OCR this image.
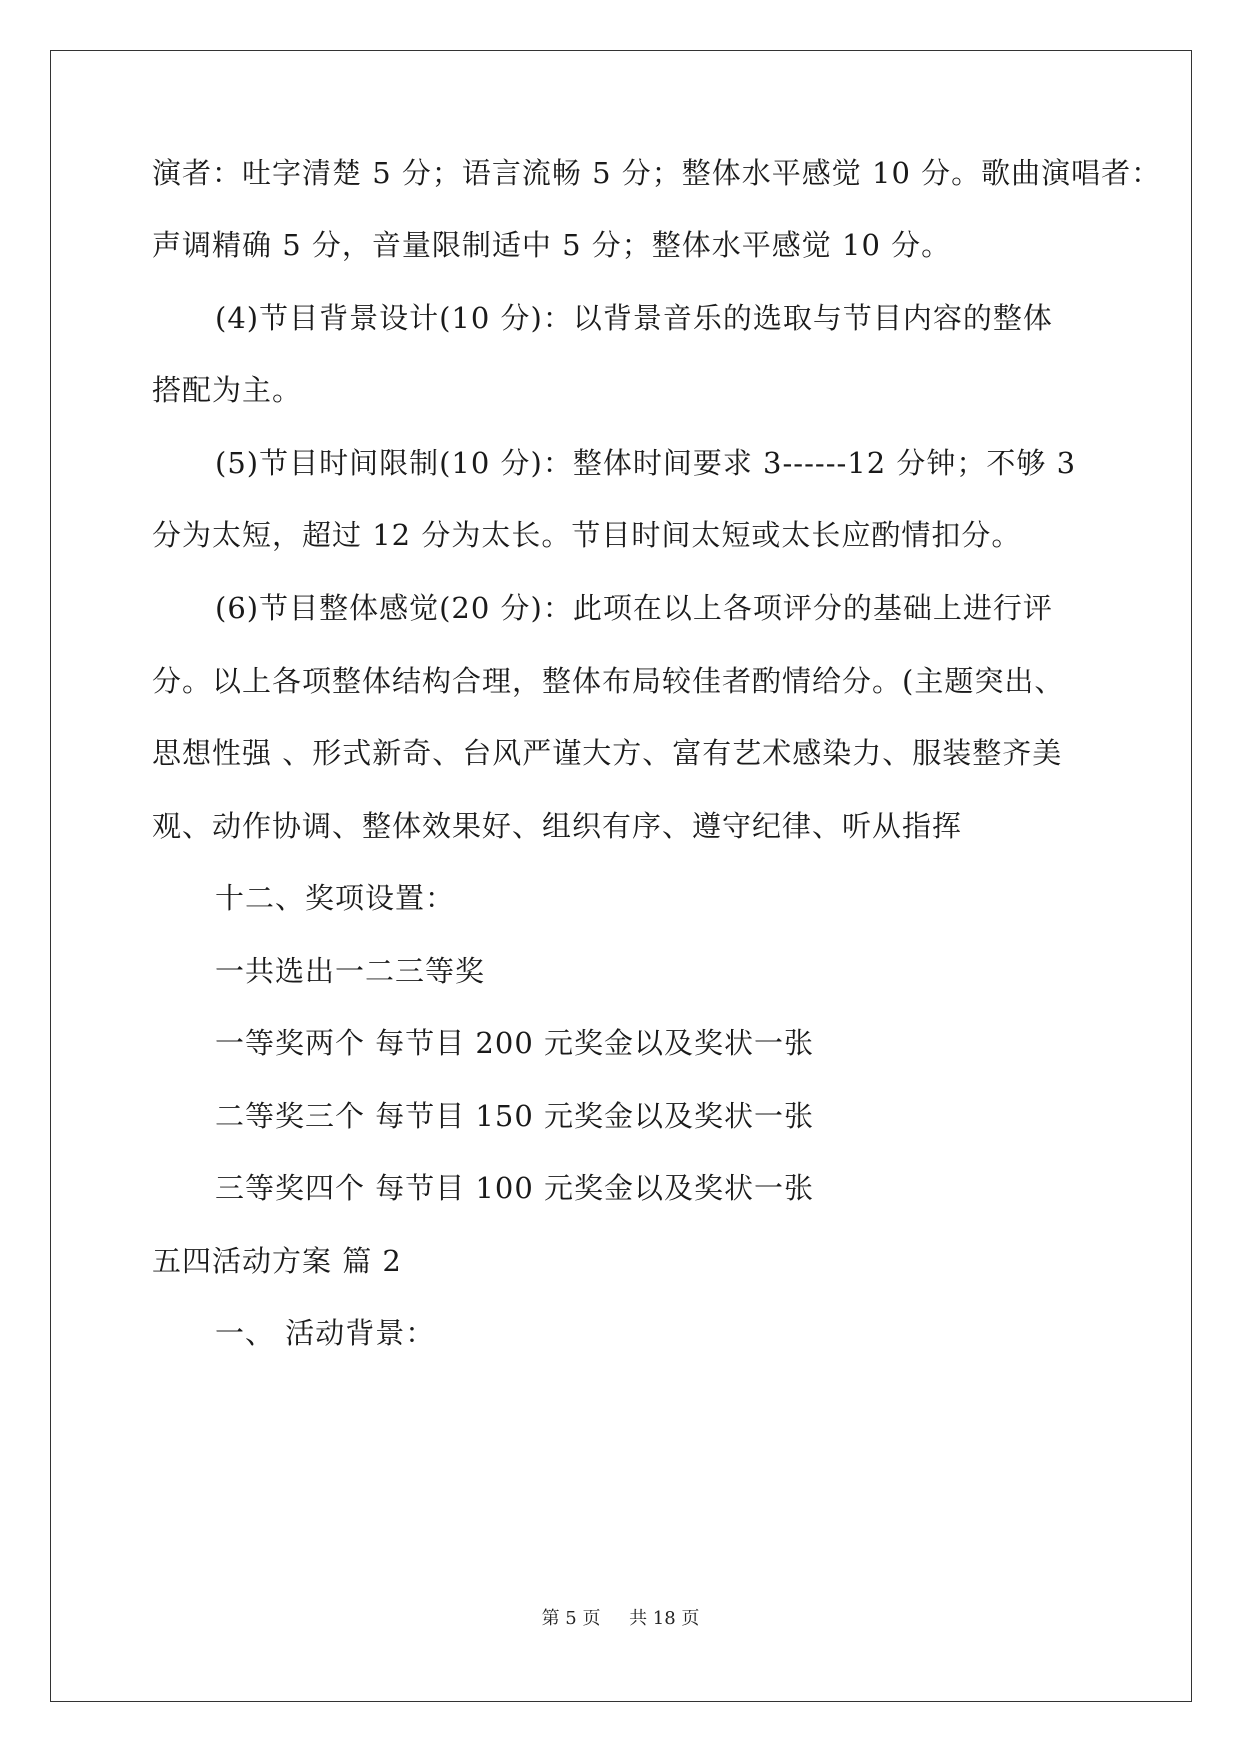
演者：吐字清楚 5 分；语言流畅 5 分；整体水平感觉 10 分。歌曲演唱者：
声调精确 5 分，音量限制适中 5 分；整体水平感觉 10 分。
(4)节目背景设计(10 分)：以背景音乐的选取与节目内容的整体
搭配为主。
(5)节目时间限制(10 分)：整体时间要求 3------12 分钟；不够 3
分为太短，超过 12 分为太长。节目时间太短或太长应酌情扣分。
(6)节目整体感觉(20 分)：此项在以上各项评分的基础上进行评
分。以上各项整体结构合理，整体布局较佳者酌情给分。(主题突出、
思想性强 、形式新奇、台风严谨大方、富有艺术感染力、服装整齐美
观、动作协调、整体效果好、组织有序、遵守纪律、听从指挥
十二、奖项设置：
一共选出一二三等奖
一等奖两个 每节目 200 元奖金以及奖状一张
二等奖三个 每节目 150 元奖金以及奖状一张
三等奖四个 每节目 100 元奖金以及奖状一张
五四活动方案 篇 2
一、 活动背景：
第 5 页 共 18 页
